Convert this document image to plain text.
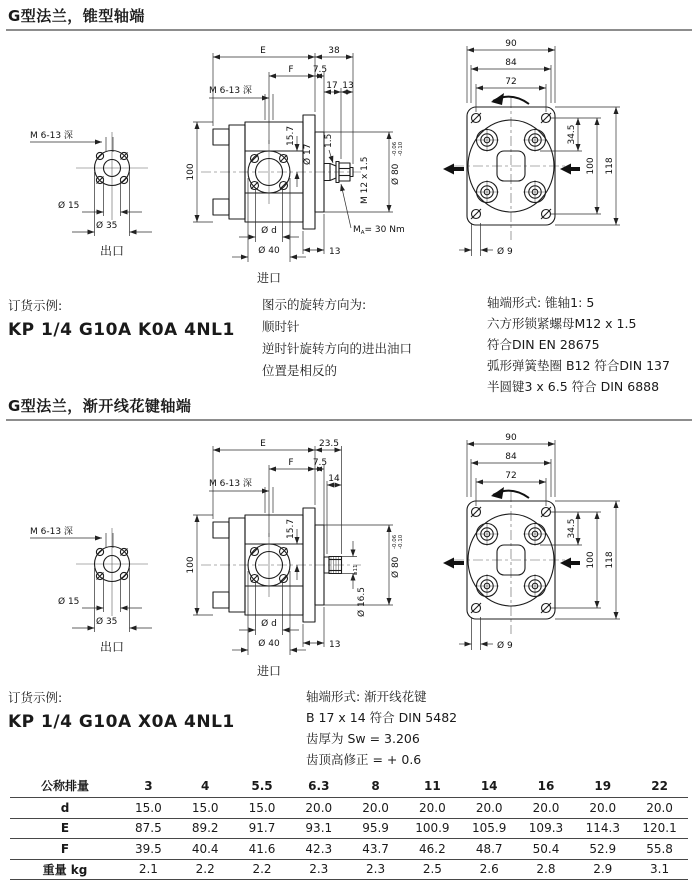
G型法兰，锥型轴端
M 6-13 深
Ø 15
Ø 35
出口
E	38
F 7.5
17 13
M 6-13 深
100
15.7
Ø 17
1.5
Ø 80
-0.06 -0.10
M 12 x 1.5
$M_A= 30$ Nm
Ø d
Ø 40	13
进口
90
84
72
34.5
100 118
Ø 9
订货示例:
KP 1/4 G10A K0A 4NL1
图示的旋转方向为:
顺时针
逆时针旋转方向的进出油口
位置是相反的
轴端形式: 锥轴1: 5
六方形锁紧螺母M12 x 1.5
符合DIN EN 28675
弧形弹簧垫圈 B12 符合DIN 137
半圆键3 x 6.5 符合 DIN 6888
G型法兰，渐开线花键轴端
M 6-13 深
Ø 15
Ø 35
出口
E	23.5
F 7.5
14
M 6-13 深
100
15.7
Ø 80
-0.06 -0.10
h11
Ø 16.5
Ø d
Ø 40	13
进口
90
84
72
34.5
100 118
Ø 9
订货示例:
KP 1/4 G10A X0A 4NL1
轴端形式: 渐开线花键
B 17 x 14 符合 DIN 5482
齿厚为 Sw = 3.206
齿顶高修正 = + 0.6
公称排量	3	4	5.5	6.3	8	11	14	16	19	22
d	15.0	15.0	15.0	20.0	20.0	20.0	20.0	20.0	20.0	20.0
E	87.5	89.2	91.7	93.1	95.9	100.9	105.9	109.3	114.3	120.1
F	39.5	40.4	41.6	42.3	43.7	46.2	48.7	50.4	52.9	55.8
重量 kg	2.1	2.2	2.2	2.3	2.3	2.5	2.6	2.8	2.9	3.1
